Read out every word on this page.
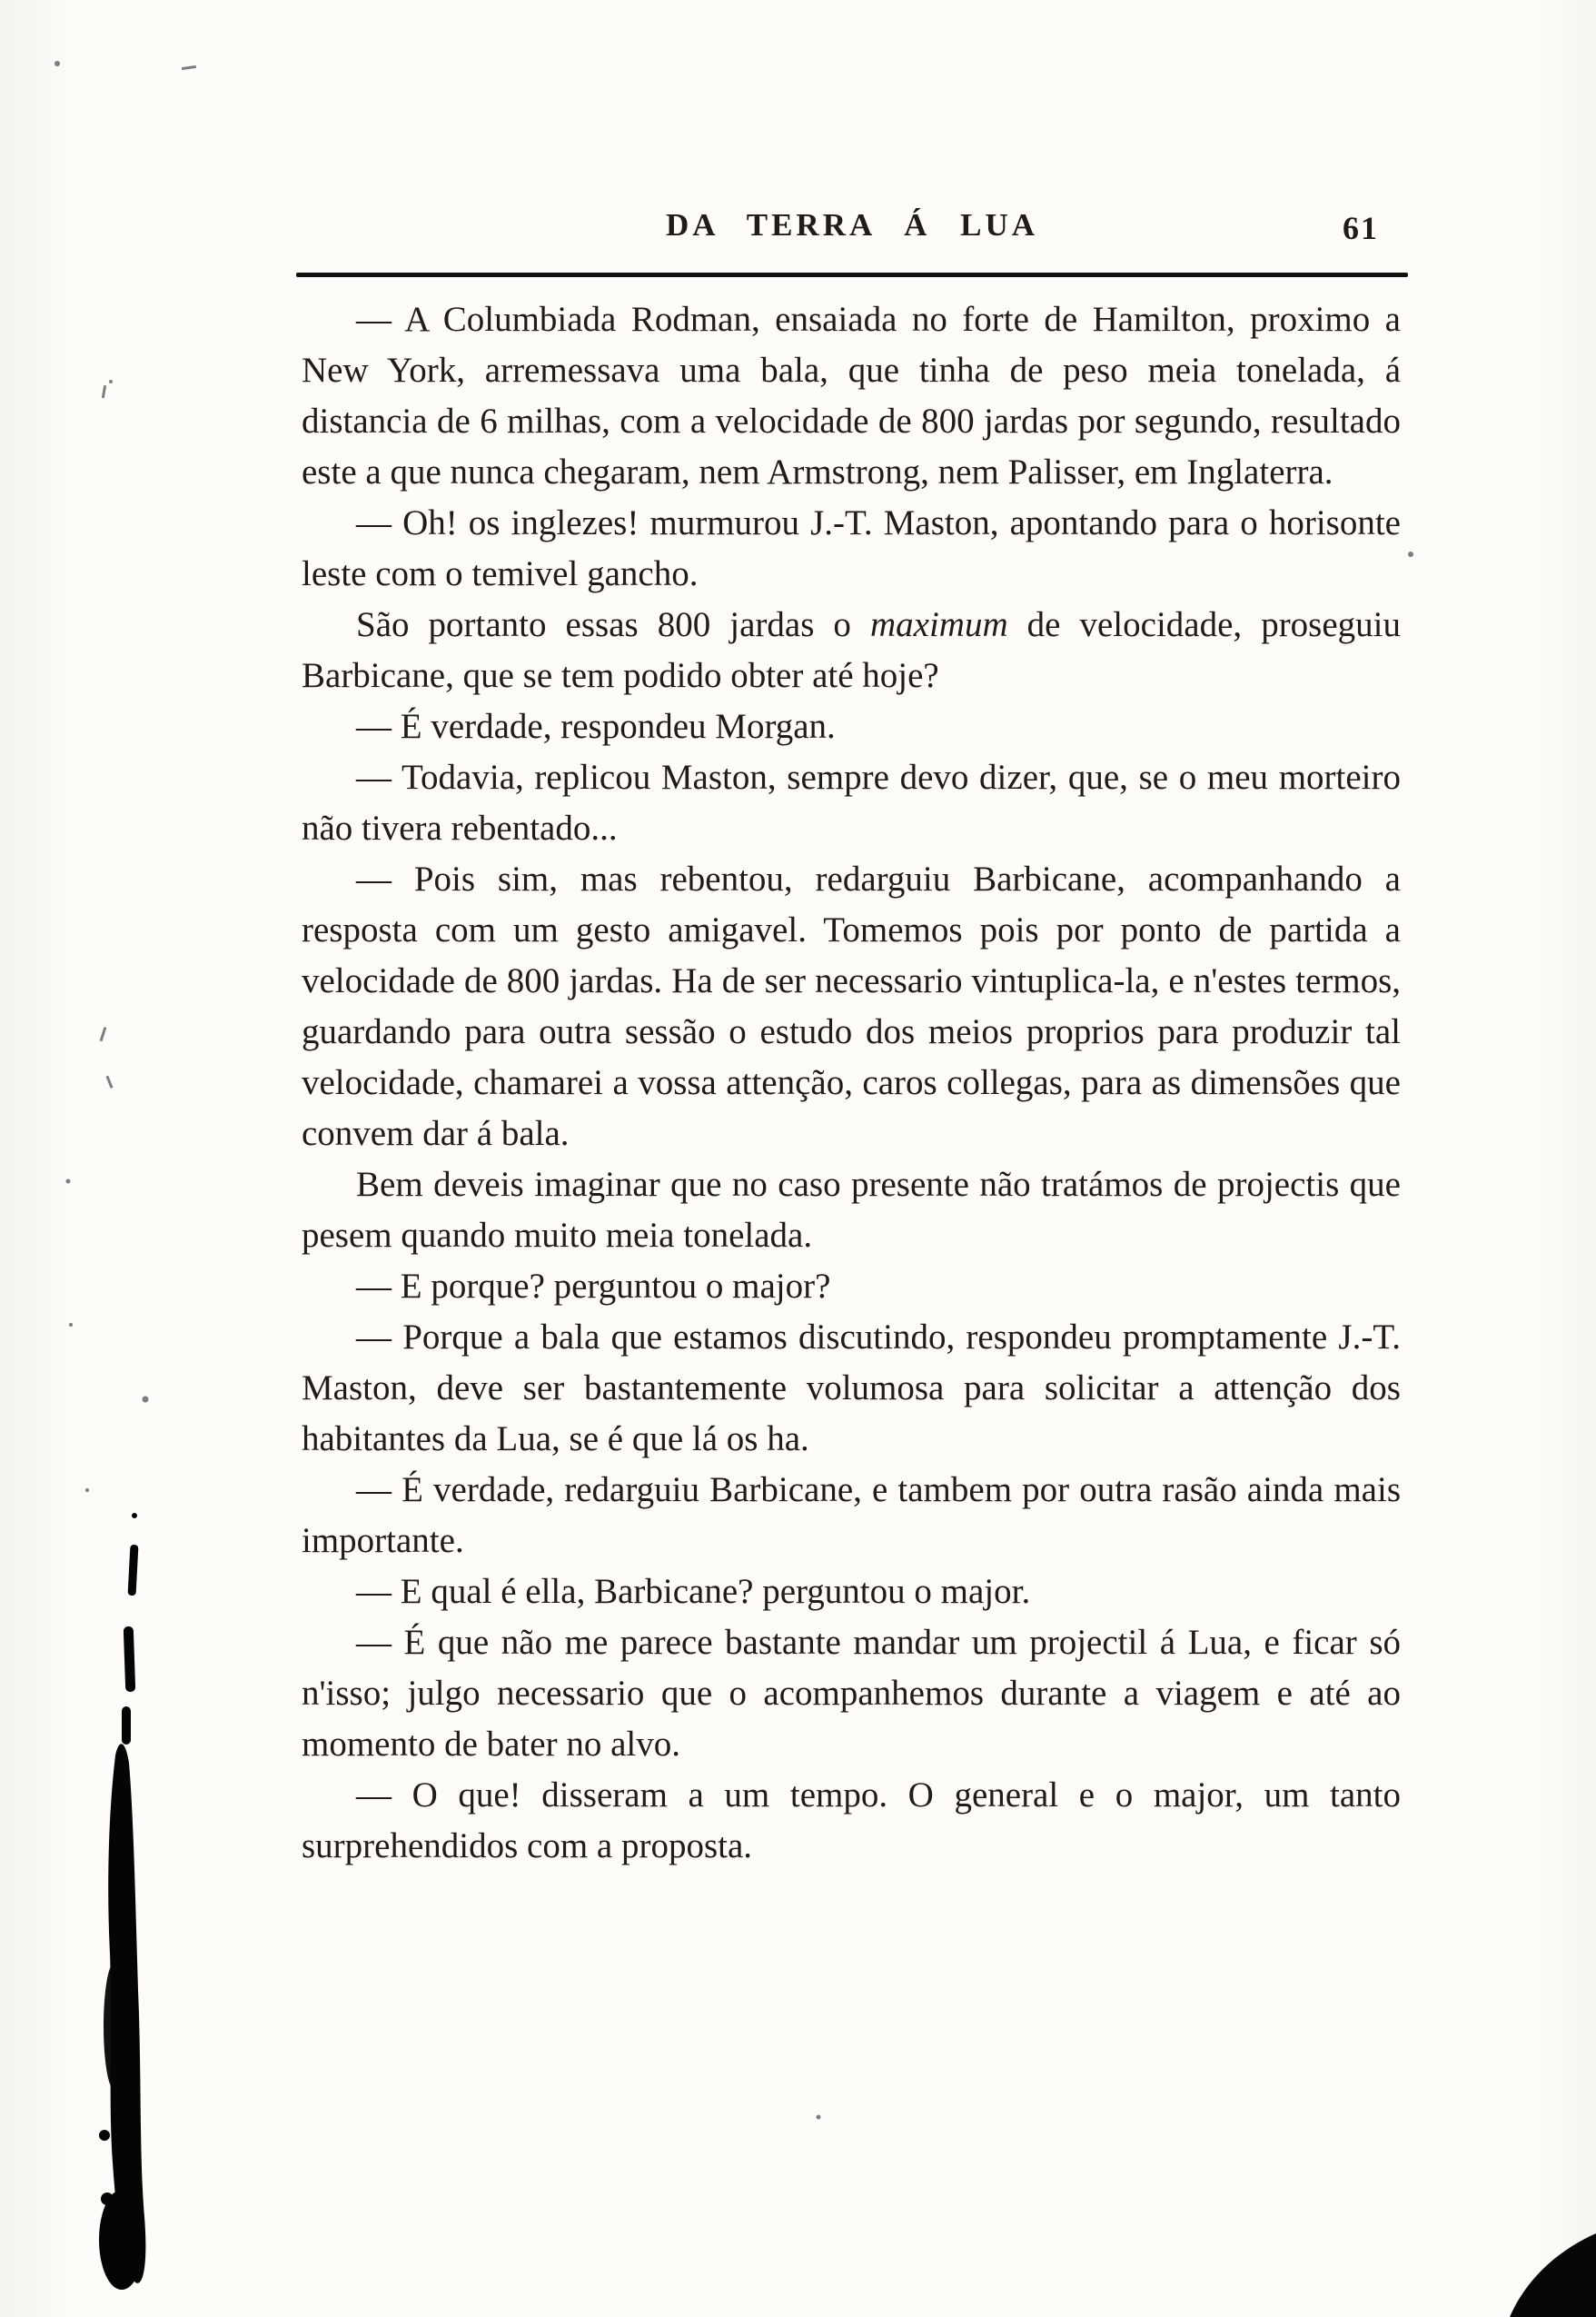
DA TERRA Á LUA	61

— A Columbiada Rodman, ensaiada no forte de Hamilton, proximo a New York, arremessava uma bala, que tinha de peso meia tonelada, á distancia de 6 milhas, com a velocidade de 800 jardas por segundo, resultado este a que nunca chegaram, nem Armstrong, nem Palisser, em Inglaterra.

— Oh! os inglezes! murmurou J.-T. Maston, apontando para o horisonte leste com o temivel gancho.

São portanto essas 800 jardas o maximum de velocidade, proseguiu Barbicane, que se tem podido obter até hoje?

— É verdade, respondeu Morgan.

— Todavia, replicou Maston, sempre devo dizer, que, se o meu morteiro não tivera rebentado...

— Pois sim, mas rebentou, redarguiu Barbicane, acompanhando a resposta com um gesto amigavel. Tomemos pois por ponto de partida a velocidade de 800 jardas. Ha de ser necessario vintuplica-la, e n'estes termos, guardando para outra sessão o estudo dos meios proprios para produzir tal velocidade, chamarei a vossa attenção, caros collegas, para as dimensões que convem dar á bala.

Bem deveis imaginar que no caso presente não tratámos de projectis que pesem quando muito meia tonelada.

— E porque? perguntou o major?

— Porque a bala que estamos discutindo, respondeu promptamente J.-T. Maston, deve ser bastantemente volumosa para solicitar a attenção dos habitantes da Lua, se é que lá os ha.

— É verdade, redarguiu Barbicane, e tambem por outra rasão ainda mais importante.

— E qual é ella, Barbicane? perguntou o major.

— É que não me parece bastante mandar um projectil á Lua, e ficar só n'isso; julgo necessario que o acompanhemos durante a viagem e até ao momento de bater no alvo.

— O que! disseram a um tempo. O general e o major, um tanto surprehendidos com a proposta.
